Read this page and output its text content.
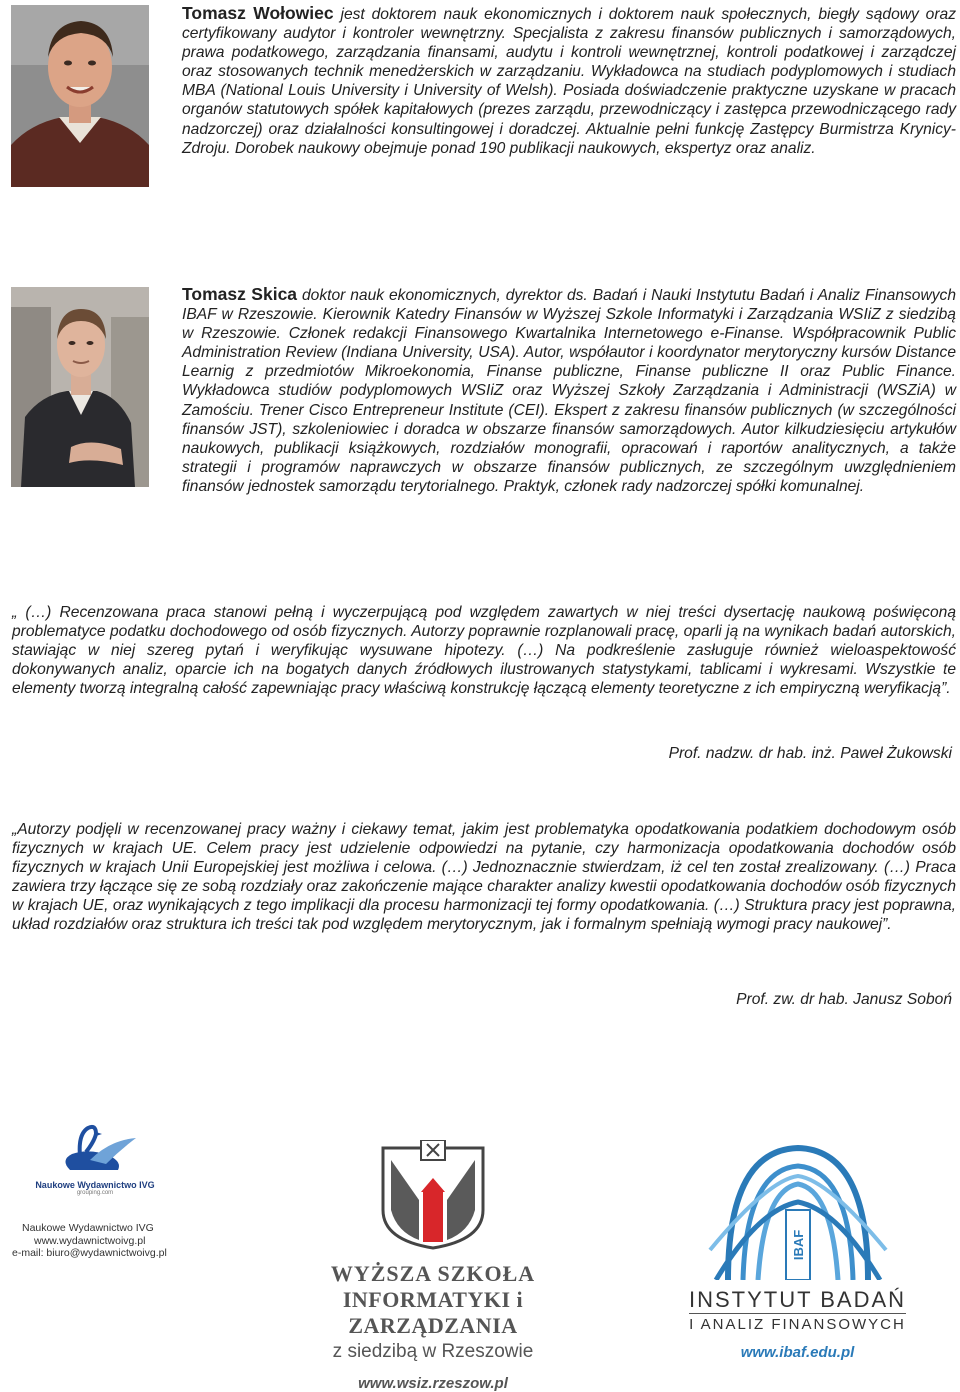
Tomasz Wołowiec jest doktorem nauk ekonomicznych i doktorem nauk społecznych, biegły sądowy oraz certyfikowany audytor i kontroler wewnętrzny. Specjalista z zakresu finansów publicznych i samorządowych, prawa podatkowego, zarządzania finansami, audytu i kontroli wewnętrznej, kontroli podatkowej i zarządczej oraz stosowanych technik menedżerskich w zarządzaniu. Wykładowca na studiach podyplomowych i studiach MBA (National Louis University i University of Welsh). Posiada doświadczenie praktyczne uzyskane w pracach organów statutowych spółek kapitałowych (prezes zarządu, przewodniczący i zastępca przewodniczącego rady nadzorczej) oraz działalności konsultingowej i doradczej. Aktualnie pełni funkcję Zastępcy Burmistrza Krynicy-Zdroju. Dorobek naukowy obejmuje ponad 190 publikacji naukowych, ekspertyz oraz analiz.
Tomasz Skica doktor nauk ekonomicznych, dyrektor ds. Badań i Nauki Instytutu Badań i Analiz Finansowych IBAF w Rzeszowie. Kierownik Katedry Finansów w Wyższej Szkole Informatyki i Zarządzania WSIiZ z siedzibą w Rzeszowie. Członek redakcji Finansowego Kwartalnika Internetowego e-Finanse. Współpracownik Public Administration Review (Indiana University, USA). Autor, współautor i koordynator merytoryczny kursów Distance Learnig z przedmiotów Mikroekonomia, Finanse publiczne, Finanse publiczne II oraz Public Finance. Wykładowca studiów podyplomowych WSIiZ oraz Wyższej Szkoły Zarządzania i Administracji (WSZiA) w Zamościu. Trener Cisco Entrepreneur Institute (CEI). Ekspert z zakresu finansów publicznych (w szczególności finansów JST), szkoleniowiec i doradca w obszarze finansów samorządowych. Autor kilkudziesięciu artykułów naukowych, publikacji książkowych, rozdziałów monografii, opracowań i raportów analitycznych, a także strategii i programów naprawczych w obszarze finansów publicznych, ze szczególnym uwzględnieniem finansów jednostek samorządu terytorialnego. Praktyk, członek rady nadzorczej spółki komunalnej.
„ (…) Recenzowana praca stanowi pełną i wyczerpującą pod względem zawartych w niej treści dysertację naukową poświęconą problematyce podatku dochodowego od osób fizycznych. Autorzy poprawnie rozplanowali pracę, oparli ją na wynikach badań autorskich, stawiając w niej szereg pytań i weryfikując wysuwane hipotezy. (…) Na podkreślenie zasługuje również wieloaspektowość dokonywanych analiz, oparcie ich na bogatych danych źródłowych ilustrowanych statystykami, tablicami i wykresami. Wszystkie te elementy tworzą integralną całość zapewniając pracy właściwą konstrukcję łączącą elementy teoretyczne z ich empiryczną weryfikacją”.
Prof. nadzw. dr hab. inż. Paweł Żukowski
„Autorzy podjęli w recenzowanej pracy ważny i ciekawy temat, jakim jest problematyka opodatkowania podatkiem dochodowym osób fizycznych w krajach UE. Celem pracy jest udzielenie odpowiedzi na pytanie, czy harmonizacja opodatkowania dochodów osób fizycznych w krajach Unii Europejskiej jest możliwa i celowa. (…) Jednoznacznie stwierdzam, iż cel ten został zrealizowany. (…) Praca zawiera trzy łączące się ze sobą rozdziały oraz zakończenie mające charakter analizy kwestii opodatkowania dochodów osób fizycznych w krajach UE, oraz wynikających z tego implikacji dla procesu harmonizacji tej formy opodatkowania. (…) Struktura pracy jest poprawna, układ rozdziałów oraz struktura ich treści tak pod względem merytorycznym, jak i formalnym spełniają wymogi pracy naukowej”.
Prof. zw. dr hab. Janusz Soboń
Naukowe Wydawnictwo IVG
grouping.com
Naukowe Wydawnictwo IVG
www.wydawnictwoivg.pl
e-mail: biuro@wydawnictwoivg.pl
WYŻSZA SZKOŁA
INFORMATYKI i ZARZĄDZANIA
z siedzibą w Rzeszowie
www.wsiz.rzeszow.pl
IBAF
INSTYTUT BADAŃ
I ANALIZ FINANSOWYCH
www.ibaf.edu.pl
